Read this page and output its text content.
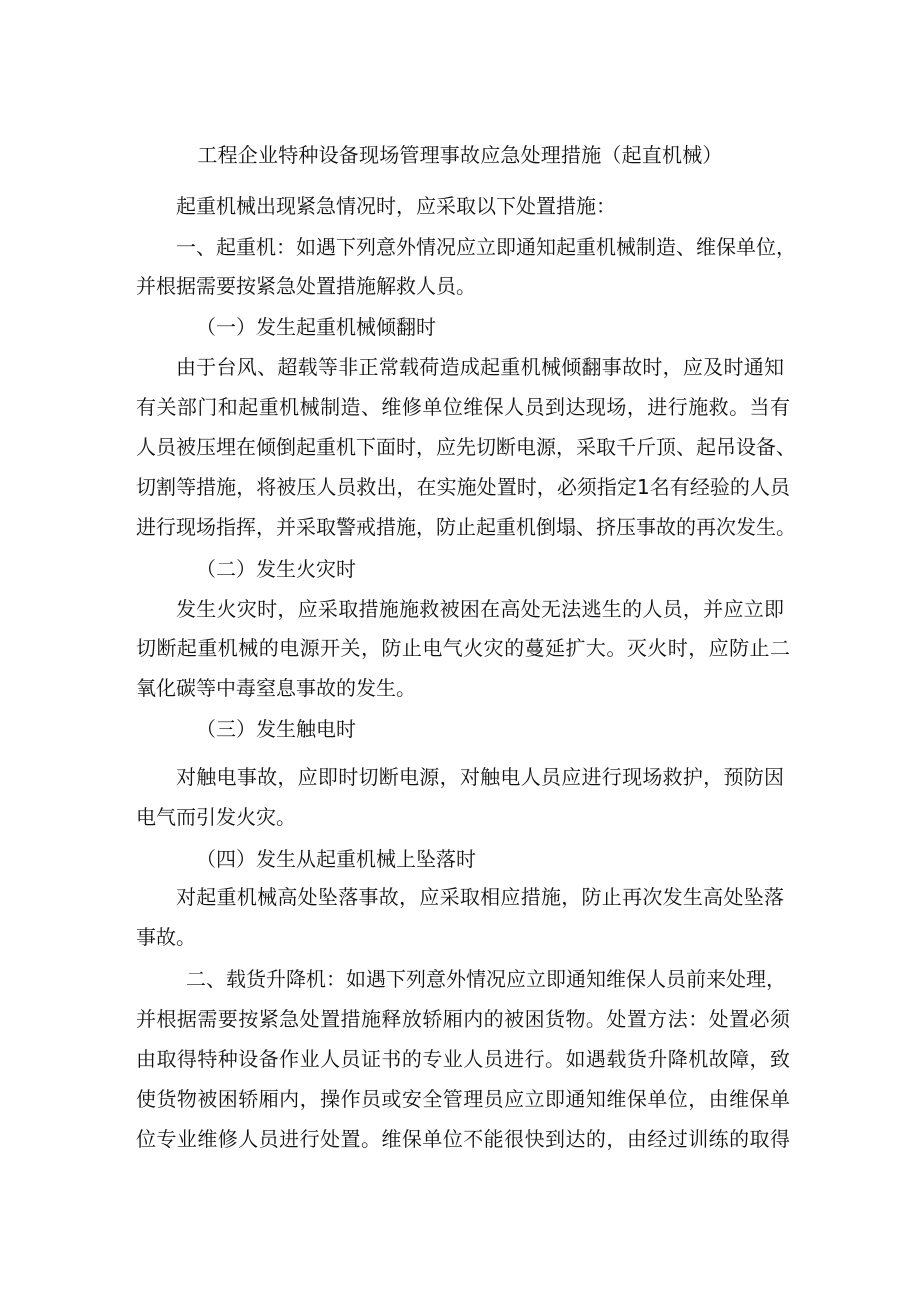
工程企业特种设备现场管理事故应急处理措施（起直机械）
起重机械出现紧急情况时，应采取以下处置措施：
一、起重机：如遇下列意外情况应立即通知起重机械制造、维保单位，
并根据需要按紧急处置措施解救人员。
（一）发生起重机械倾翻时
由于台风、超载等非正常载荷造成起重机械倾翻事故时，应及时通知
有关部门和起重机械制造、维修单位维保人员到达现场，进行施救。当有
人员被压埋在倾倒起重机下面时，应先切断电源，采取千斤顶、起吊设备、
切割等措施，将被压人员救出，在实施处置时，必须指定1名有经验的人员
进行现场指挥，并采取警戒措施，防止起重机倒塌、挤压事故的再次发生。
（二）发生火灾时
发生火灾时，应采取措施施救被困在高处无法逃生的人员，并应立即
切断起重机械的电源开关，防止电气火灾的蔓延扩大。灭火时，应防止二
氧化碳等中毒窒息事故的发生。
（三）发生触电时
对触电事故，应即时切断电源，对触电人员应进行现场救护，预防因
电气而引发火灾。
（四）发生从起重机械上坠落时
对起重机械高处坠落事故，应采取相应措施，防止再次发生高处坠落
事故。
二、载货升降机：如遇下列意外情况应立即通知维保人员前来处理，
并根据需要按紧急处置措施释放轿厢内的被困货物。处置方法：处置必须
由取得特种设备作业人员证书的专业人员进行。如遇载货升降机故障，致
使货物被困轿厢内，操作员或安全管理员应立即通知维保单位，由维保单
位专业维修人员进行处置。维保单位不能很快到达的，由经过训练的取得
